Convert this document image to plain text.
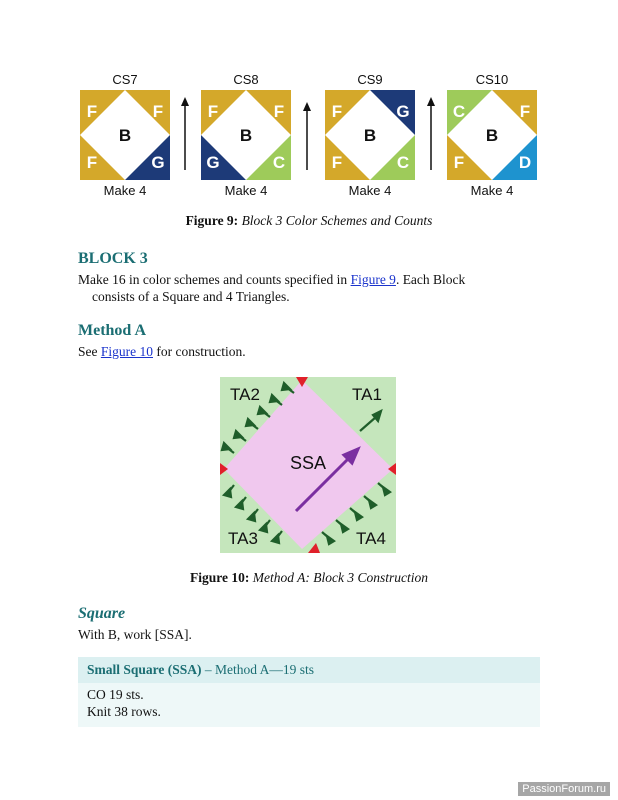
CS7
F	F
F	G
B
Make 4
CS8
F	F
G	C
B
Make 4
CS9
F	G
F	C
B
Make 4
CS10
C	F
F	D
B
Make 4
Figure 9: Block 3 Color Schemes and Counts
BLOCK 3
Make 16 in color schemes and counts specified in Figure 9. Each Block
consists of a Square and 4 Triangles.
Method A
See Figure 10 for construction.
TA2	TA1
SSA
TA3	TA4
Figure 10: Method A: Block 3 Construction
Square
With B, work [SSA].
Small Square (SSA) – Method A—19 sts
CO 19 sts.
Knit 38 rows.
PassionForum.ru
